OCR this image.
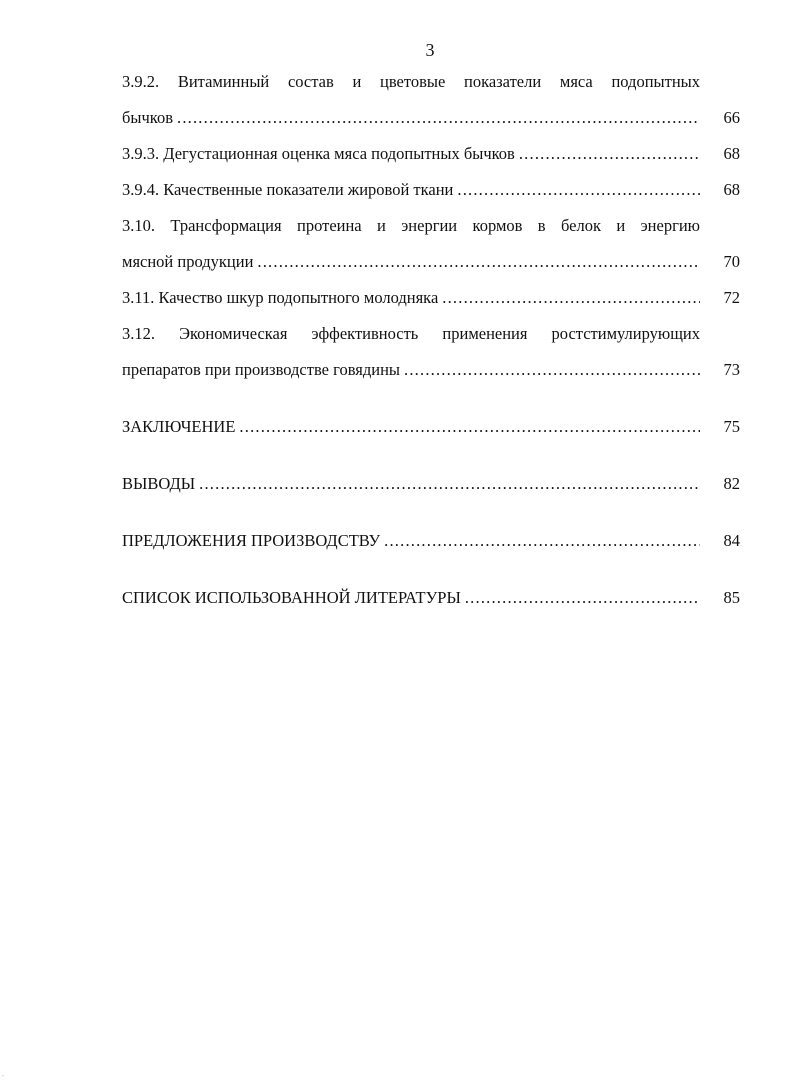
3
3.9.2. Витаминный состав и цветовые показатели мяса подопытных
бычков .....	66
3.9.3. Дегустационная оценка мяса подопытных бычков .....	68
3.9.4. Качественные показатели жировой ткани .....	68
3.10. Трансформация протеина и энергии кормов в белок и энергию
мясной продукции .....	70
3.11. Качество шкур подопытного молодняка .....	72
3.12. Экономическая эффективность применения ростстимулирующих
препаратов при производстве говядины .....	73
ЗАКЛЮЧЕНИЕ .....	75
ВЫВОДЫ .....	82
ПРЕДЛОЖЕНИЯ ПРОИЗВОДСТВУ .....	84
СПИСОК ИСПОЛЬЗОВАННОЙ ЛИТЕРАТУРЫ .....	85
